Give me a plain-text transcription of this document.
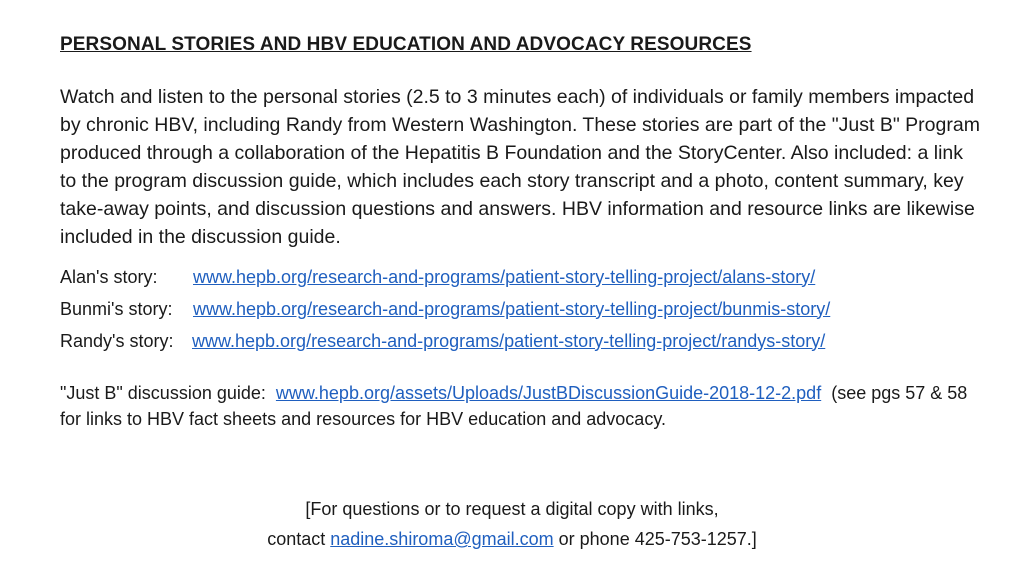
PERSONAL STORIES AND HBV EDUCATION AND ADVOCACY RESOURCES

Watch and listen to the personal stories (2.5 to 3 minutes each) of individuals or family members impacted by chronic HBV, including Randy from Western Washington. These stories are part of the "Just B" Program produced through a collaboration of the Hepatitis B Foundation and the StoryCenter. Also included: a link to the program discussion guide, which includes each story transcript and a photo, content summary, key take-away points, and discussion questions and answers. HBV information and resource links are likewise included in the discussion guide.

Alan's story:	www.hepb.org/research-and-programs/patient-story-telling-project/alans-story/
Bunmi's story:	www.hepb.org/research-and-programs/patient-story-telling-project/bunmis-story/
Randy's story:	www.hepb.org/research-and-programs/patient-story-telling-project/randys-story/

"Just B" discussion guide: www.hepb.org/assets/Uploads/JustBDiscussionGuide-2018-12-2.pdf (see pgs 57 & 58 for links to HBV fact sheets and resources for HBV education and advocacy.

[For questions or to request a digital copy with links,
contact nadine.shiroma@gmail.com or phone 425-753-1257.]
